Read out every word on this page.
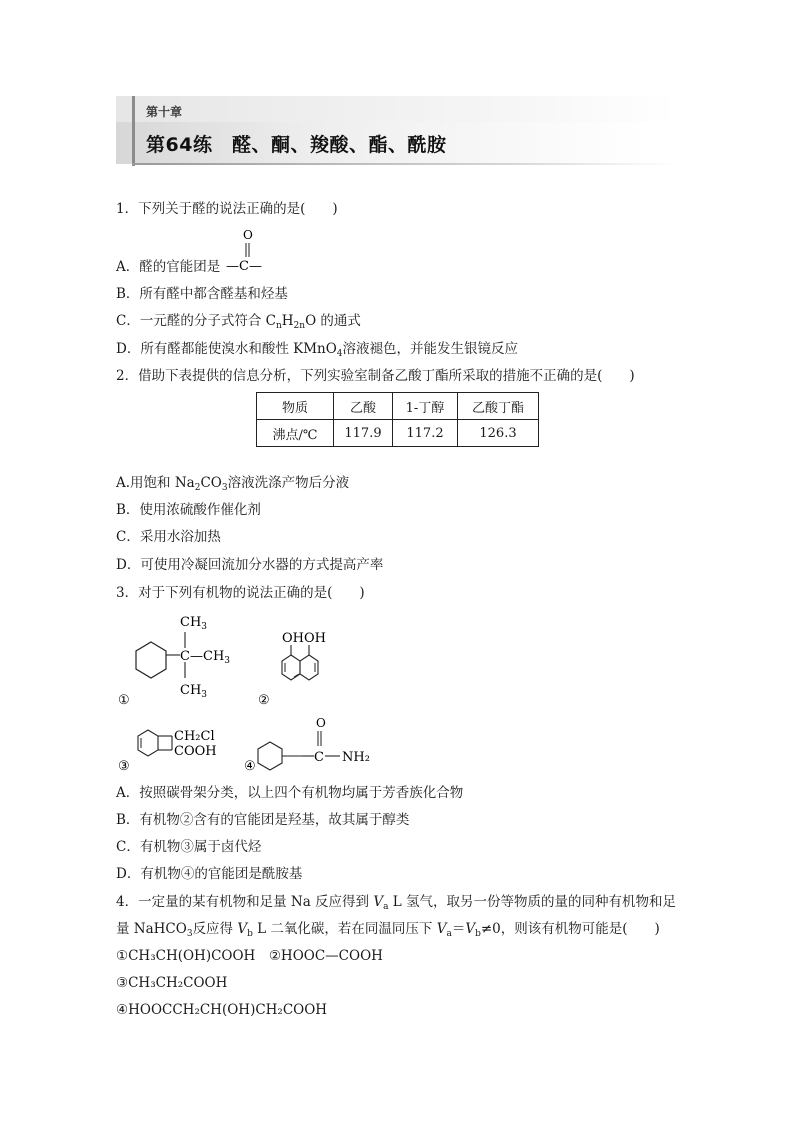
第十章
第64练　醛、酮、羧酸、酯、酰胺
1．下列关于醛的说法正确的是(　　)
A．醛的官能团是
O
—C—
B．所有醛中都含醛基和烃基
C．一元醛的分子式符合 $C_nH_{2n}O$ 的通式
D．所有醛都能使溴水和酸性 KMnO$_4$溶液褪色，并能发生银镜反应
2．借助下表提供的信息分析，下列实验室制备乙酸丁酯所采取的措施不正确的是(　　)
物质	乙酸	1-丁醇	乙酸丁酯
沸点/℃	117.9	117.2	126.3
A.用饱和 $Na_2CO_3$溶液洗涤产物后分液
B．使用浓硫酸作催化剂
C．采用水浴加热
D．可使用冷凝回流加分水器的方式提高产率
3．对于下列有机物的说法正确的是(　　)
C
$CH_3$
$—CH_3$
$CH_3$
①
OHOH
②
CH₂Cl
COOH
③
O
C NH₂
④
A．按照碳骨架分类，以上四个有机物均属于芳香族化合物
B．有机物②含有的官能团是羟基，故其属于醇类
C．有机物③属于卤代烃
D．有机物④的官能团是酰胺基
4．一定量的某有机物和足量 Na 反应得到 $V_a$ L 氢气，取另一份等物质的量的同种有机物和足
量 NaHCO$_3$反应得 $V_b$ L 二氧化碳，若在同温同压下 $V_a=V_b\ne 0$，则该有机物可能是(　　)
①CH₃CH(OH)COOH　②HOOC—COOH
③CH₃CH₂COOH
④HOOCCH₂CH(OH)CH₂COOH
